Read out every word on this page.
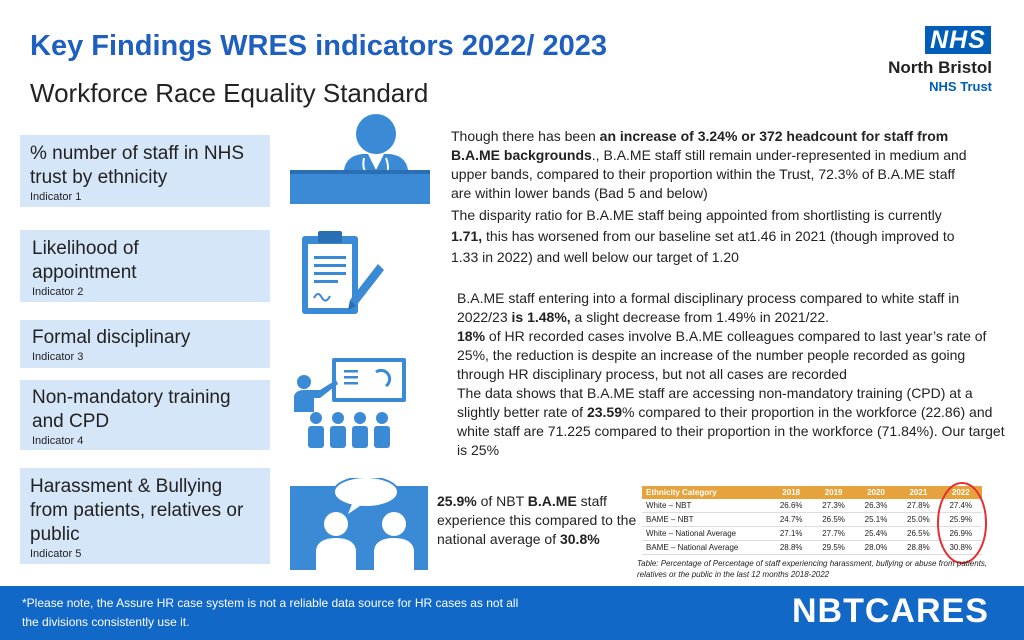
Key Findings WRES indicators 2022/ 2023
Workforce Race Equality Standard
NHS
North Bristol
NHS Trust
% number of staff in NHS trust by ethnicity
Indicator 1
Likelihood of appointment
Indicator 2
Formal disciplinary
Indicator 3
Non-mandatory training and CPD
Indicator 4
Harassment & Bullying from patients, relatives or public
Indicator 5
Though there has been an increase of 3.24% or 372 headcount for staff from B.A.ME backgrounds., B.A.ME staff still remain under-represented in medium and upper bands, compared to their proportion within the Trust, 72.3% of B.A.ME staff are within lower bands (Bad 5 and below)
The disparity ratio for B.A.ME staff being appointed from shortlisting is currently 1.71, this has worsened from our baseline set at1.46 in 2021 (though improved to 1.33 in 2022) and well below our target of 1.20
B.A.ME staff entering into a formal disciplinary process compared to white staff in 2022/23 is 1.48%, a slight decrease from 1.49% in 2021/22.
18% of HR recorded cases involve B.A.ME colleagues compared to last year’s rate of 25%, the reduction is despite an increase of the number people recorded as going through HR disciplinary process, but not all cases are recorded
The data shows that B.A.ME staff are accessing non-mandatory training (CPD) at a slightly better rate of 23.59% compared to their proportion in the workforce (22.86) and white staff are 71.225 compared to their proportion in the workforce (71.84%). Our target is 25%
25.9% of NBT B.A.ME staff experience this compared to the national average of 30.8%
Ethnicity Category	2018	2019	2020	2021	2022
White – NBT	26.6%	27.3%	26.3%	27.8%	27.4%
BAME – NBT	24.7%	26.5%	25.1%	25.0%	25.9%
White – National Average	27.1%	27.7%	25.4%	26.5%	26.9%
BAME – National Average	28.8%	29.5%	28.0%	28.8%	30.8%
Table: Percentage of Percentage of staff experiencing harassment, bullying or abuse from patients, relatives or the public in the last 12 months 2018-2022
*Please note, the Assure HR case system is not a reliable data source for HR cases as not all the divisions consistently use it.	NBTCARES
